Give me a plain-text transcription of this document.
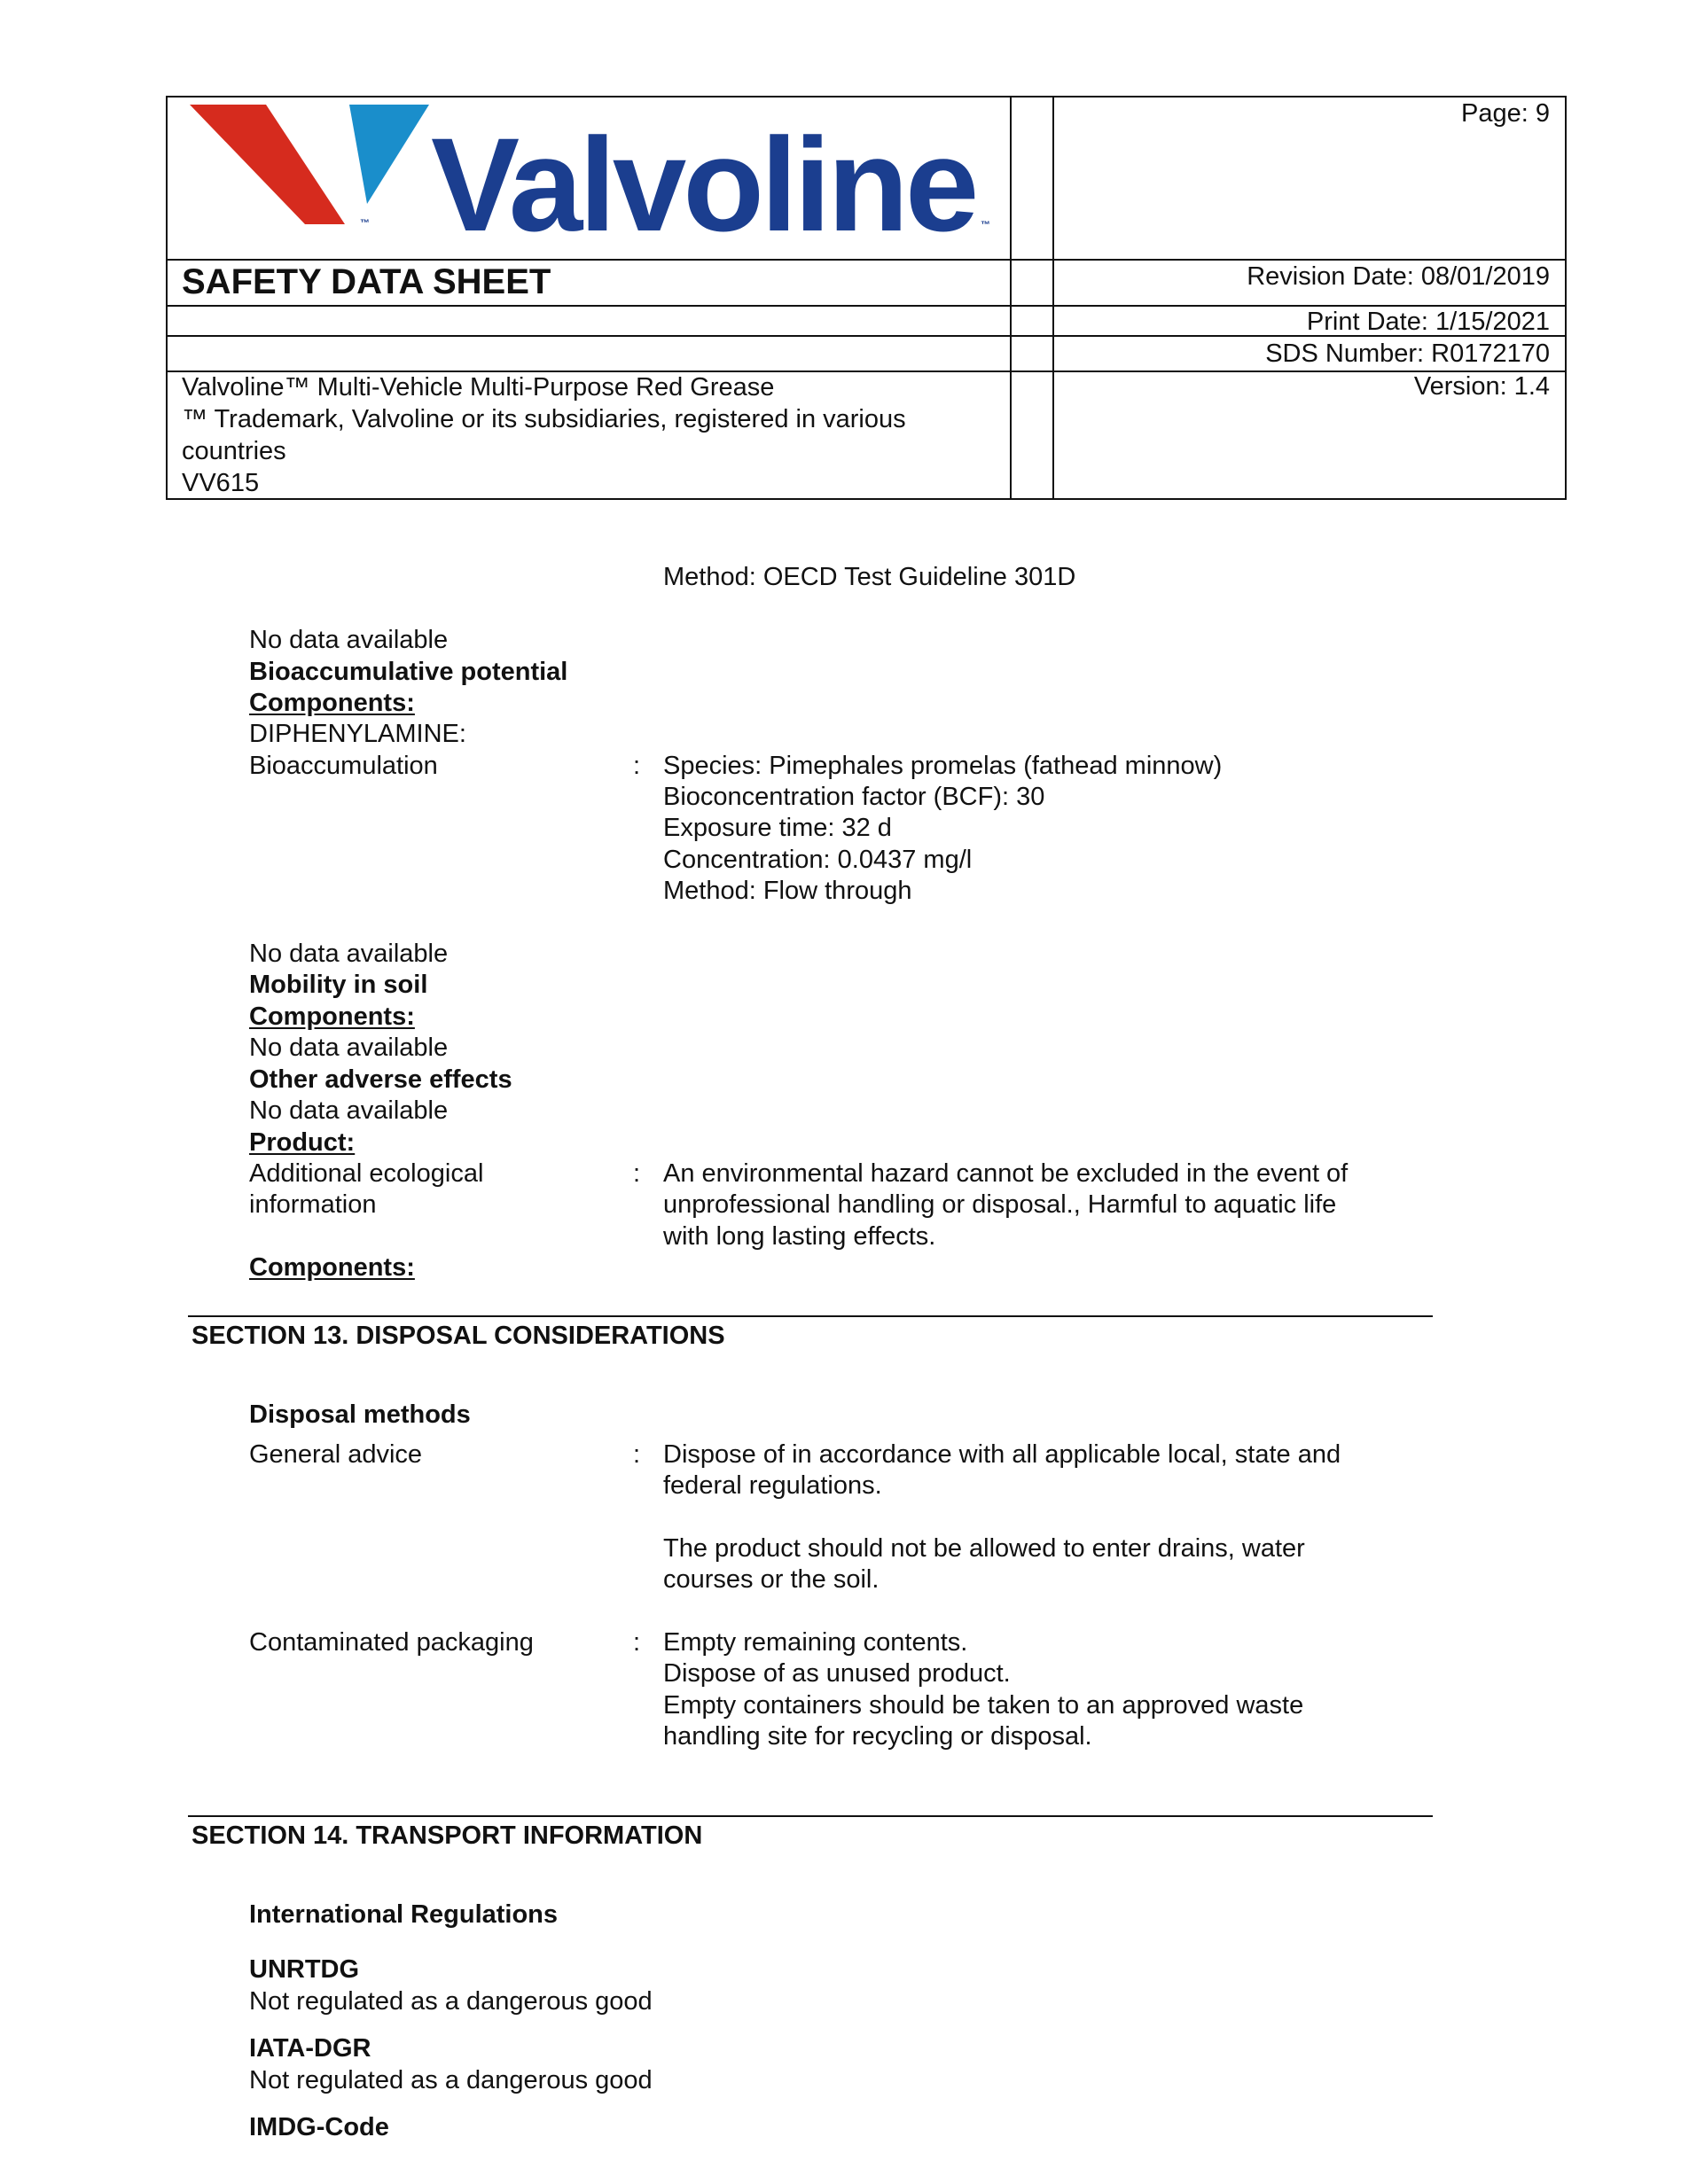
™ Valvoline ™
Page: 9
SAFETY DATA SHEET	Revision Date: 08/01/2019
Print Date: 1/15/2021
SDS Number: R0172170
Version: 1.4
Valvoline™ Multi-Vehicle Multi-Purpose Red Grease
™ Trademark, Valvoline or its subsidiaries, registered in various
countries
VV615
Method: OECD Test Guideline 301D
No data available
Bioaccumulative potential
Components:
DIPHENYLAMINE:
Bioaccumulation	: Species: Pimephales promelas (fathead minnow)
Bioconcentration factor (BCF): 30
Exposure time: 32 d
Concentration: 0.0437 mg/l
Method: Flow through
No data available
Mobility in soil
Components:
No data available
Other adverse effects
No data available
Product:
Additional ecological
information
: An environmental hazard cannot be excluded in the event of
unprofessional handling or disposal., Harmful to aquatic life
with long lasting effects.
Components:
SECTION 13. DISPOSAL CONSIDERATIONS
Disposal methods
General advice	: Dispose of in accordance with all applicable local, state and
federal regulations.
The product should not be allowed to enter drains, water
courses or the soil.
Contaminated packaging	: Empty remaining contents.
Dispose of as unused product.
Empty containers should be taken to an approved waste
handling site for recycling or disposal.
SECTION 14. TRANSPORT INFORMATION
International Regulations
UNRTDG
Not regulated as a dangerous good
IATA-DGR
Not regulated as a dangerous good
IMDG-Code
